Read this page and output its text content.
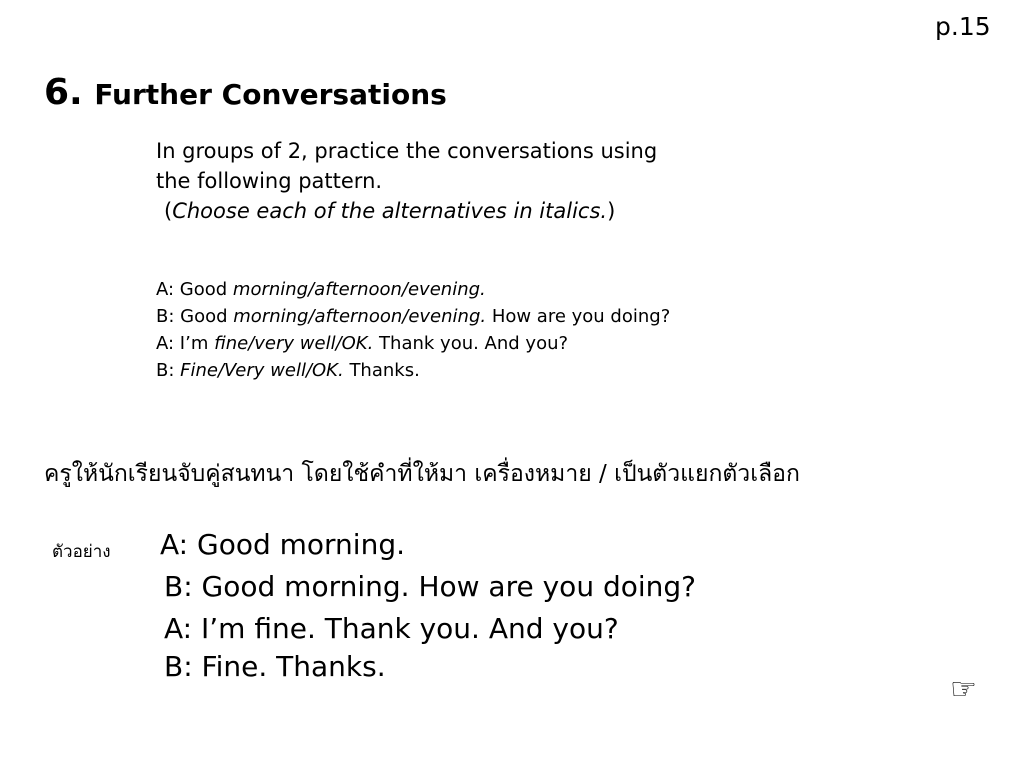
p.15
6. Further Conversations
In groups of 2, practice the conversations using
the following pattern.
(Choose each of the alternatives in italics.)
A: Good morning/afternoon/evening.
B: Good morning/afternoon/evening. How are you doing?
A: I’m fine/very well/OK. Thank you. And you?
B: Fine/Very well/OK. Thanks.
ครูให้นักเรียนจับคู่สนทนา โดยใช้คำที่ให้มา เครื่องหมาย / เป็นตัวแยกตัวเลือก
ตัวอย่าง A: Good morning.
B: Good morning. How are you doing?
A: I’m fine. Thank you. And you?
B: Fine. Thanks.
☞
